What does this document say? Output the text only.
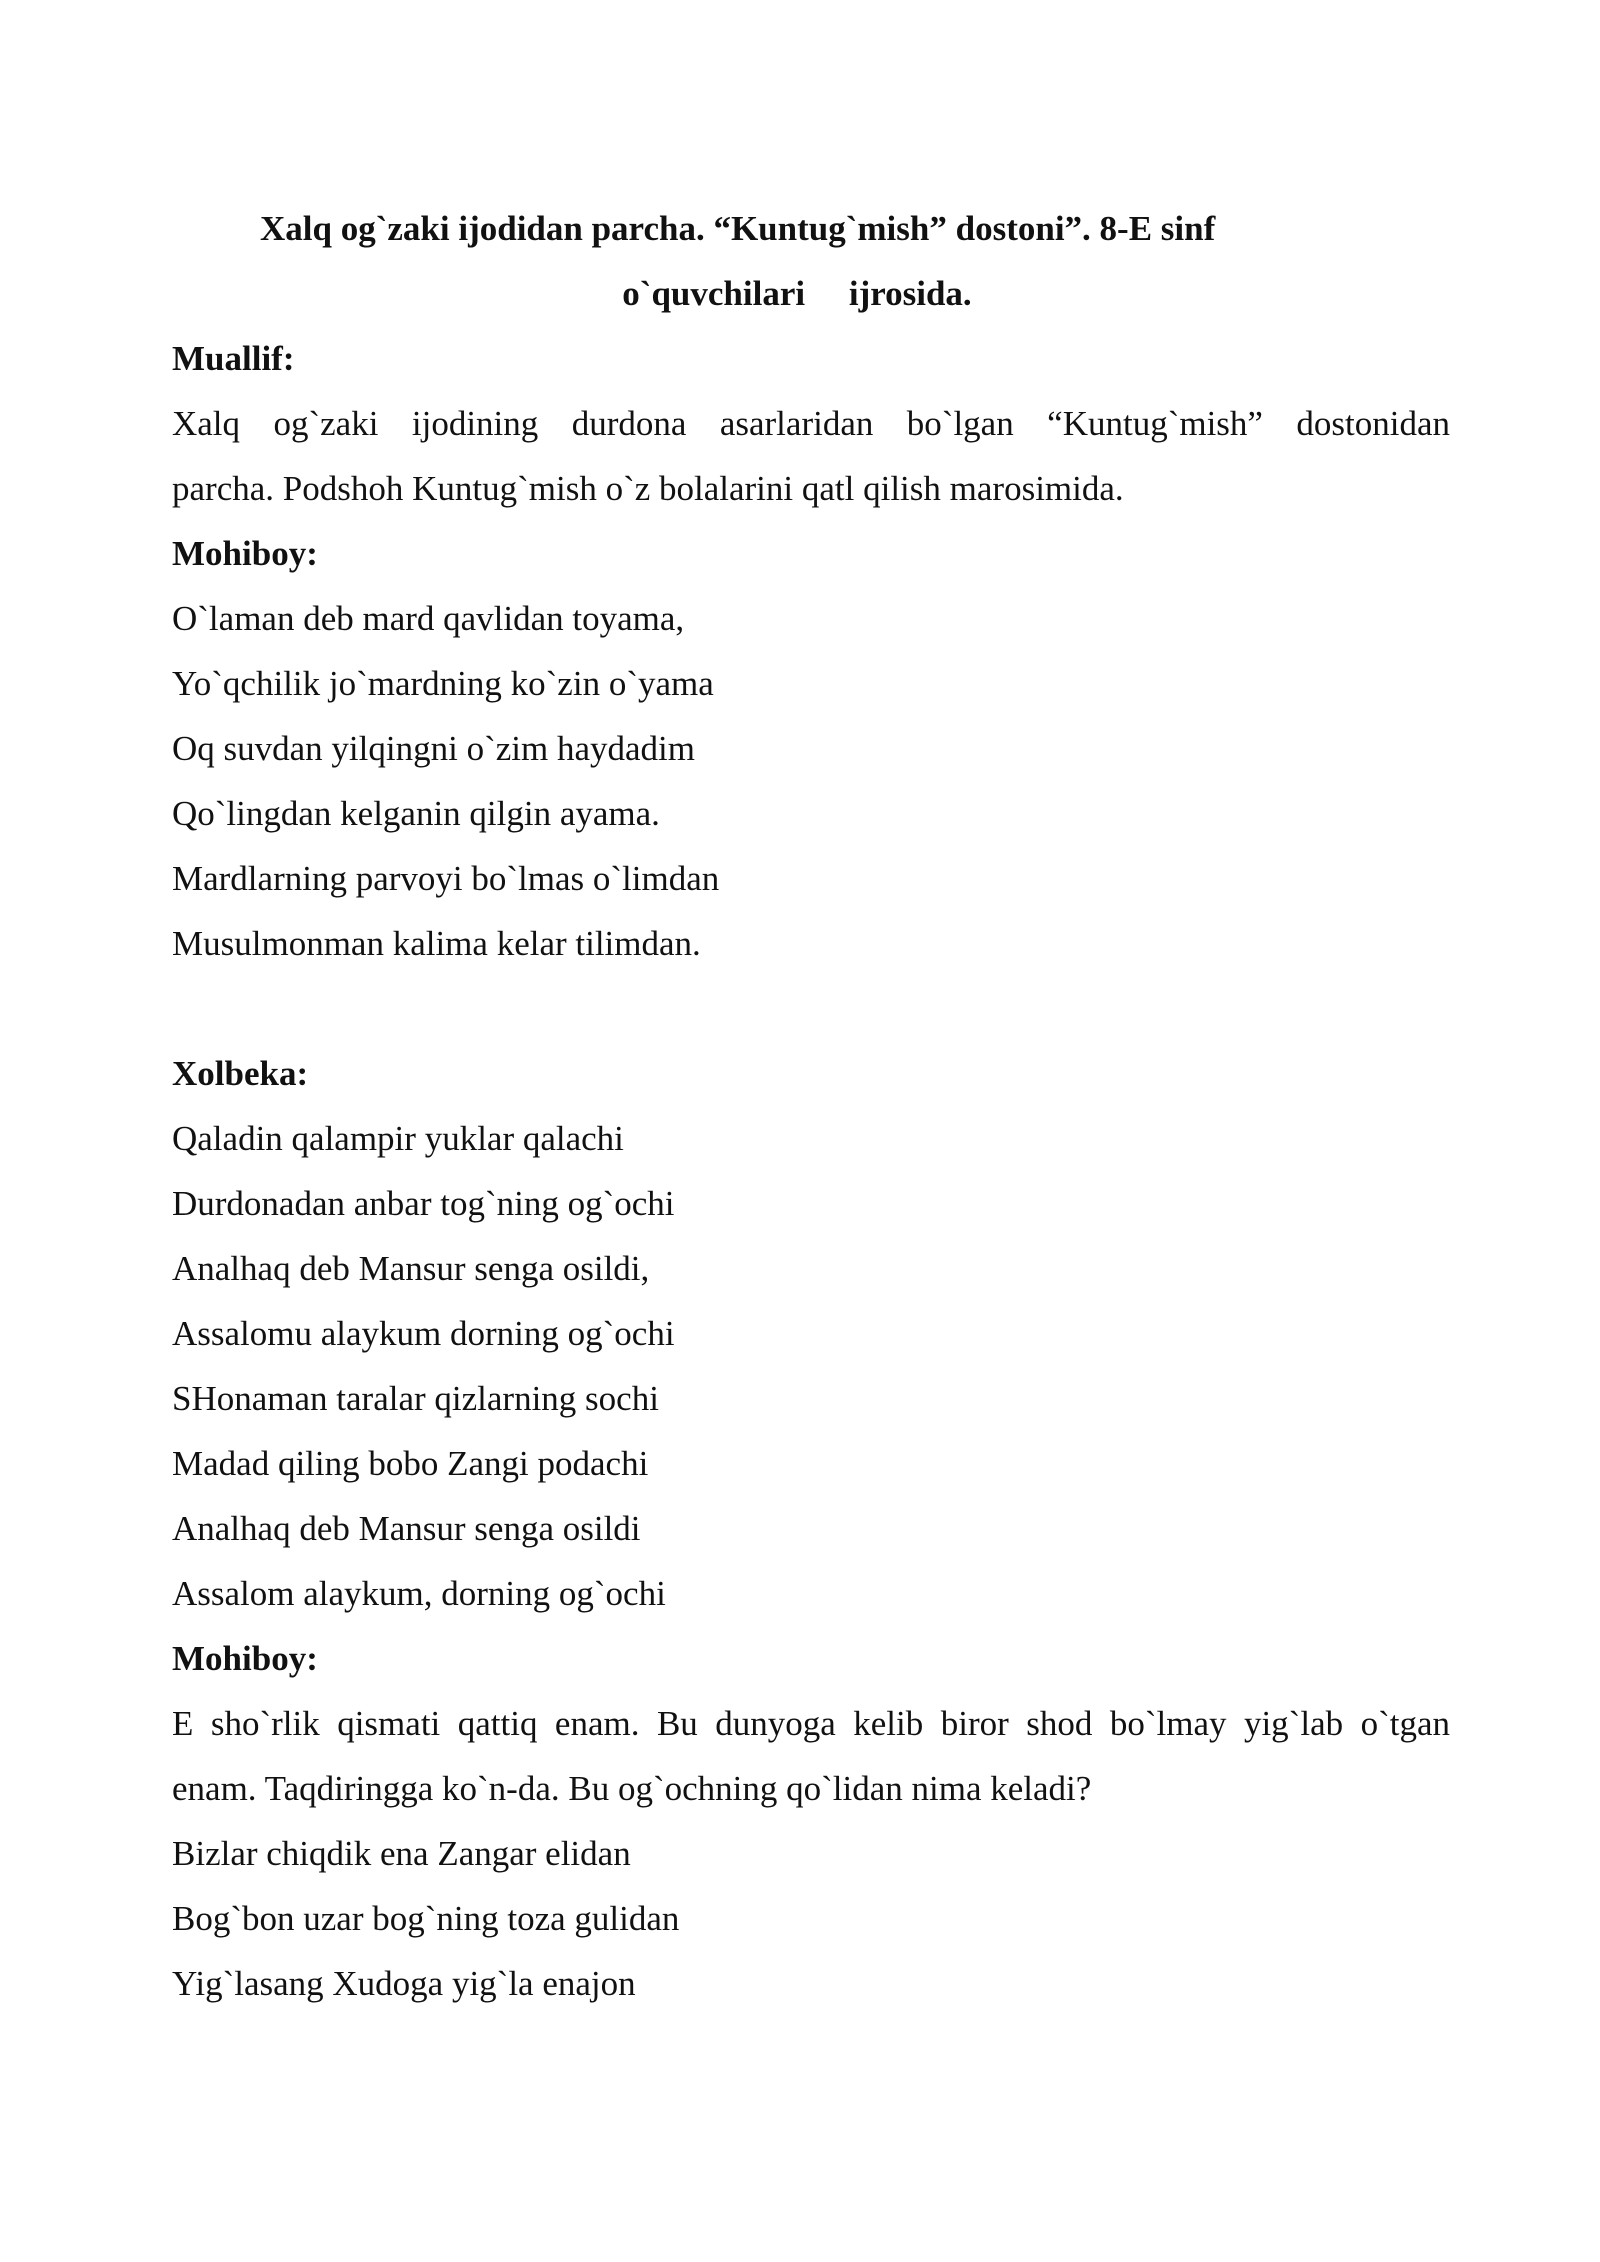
Xalq og`zaki ijodidan parcha. “Kuntug`mish” dostoni”. 8-E sinf
o`quvchilari     ijrosida.
Muallif:
Xalq og`zaki ijodining durdona asarlaridan bo`lgan “Kuntug`mish” dostonidan
parcha. Podshoh Kuntug`mish o`z bolalarini qatl qilish marosimida.
Mohiboy:
O`laman deb mard qavlidan toyama,
Yo`qchilik jo`mardning ko`zin o`yama
Oq suvdan yilqingni o`zim haydadim
Qo`lingdan kelganin qilgin ayama.
Mardlarning parvoyi bo`lmas o`limdan
Musulmonman kalima kelar tilimdan.
Xolbeka:
Qaladin qalampir yuklar qalachi
Durdonadan anbar tog`ning og`ochi
Analhaq deb Mansur senga osildi,
Assalomu alaykum dorning og`ochi
SHonaman taralar qizlarning sochi
Madad qiling bobo Zangi podachi
Analhaq deb Mansur senga osildi
Assalom alaykum, dorning og`ochi
Mohiboy:
E sho`rlik qismati qattiq enam. Bu dunyoga kelib biror shod bo`lmay yig`lab o`tgan
enam. Taqdiringga ko`n-da. Bu og`ochning qo`lidan nima keladi?
Bizlar chiqdik ena Zangar elidan
Bog`bon uzar bog`ning toza gulidan
Yig`lasang Xudoga yig`la enajon
